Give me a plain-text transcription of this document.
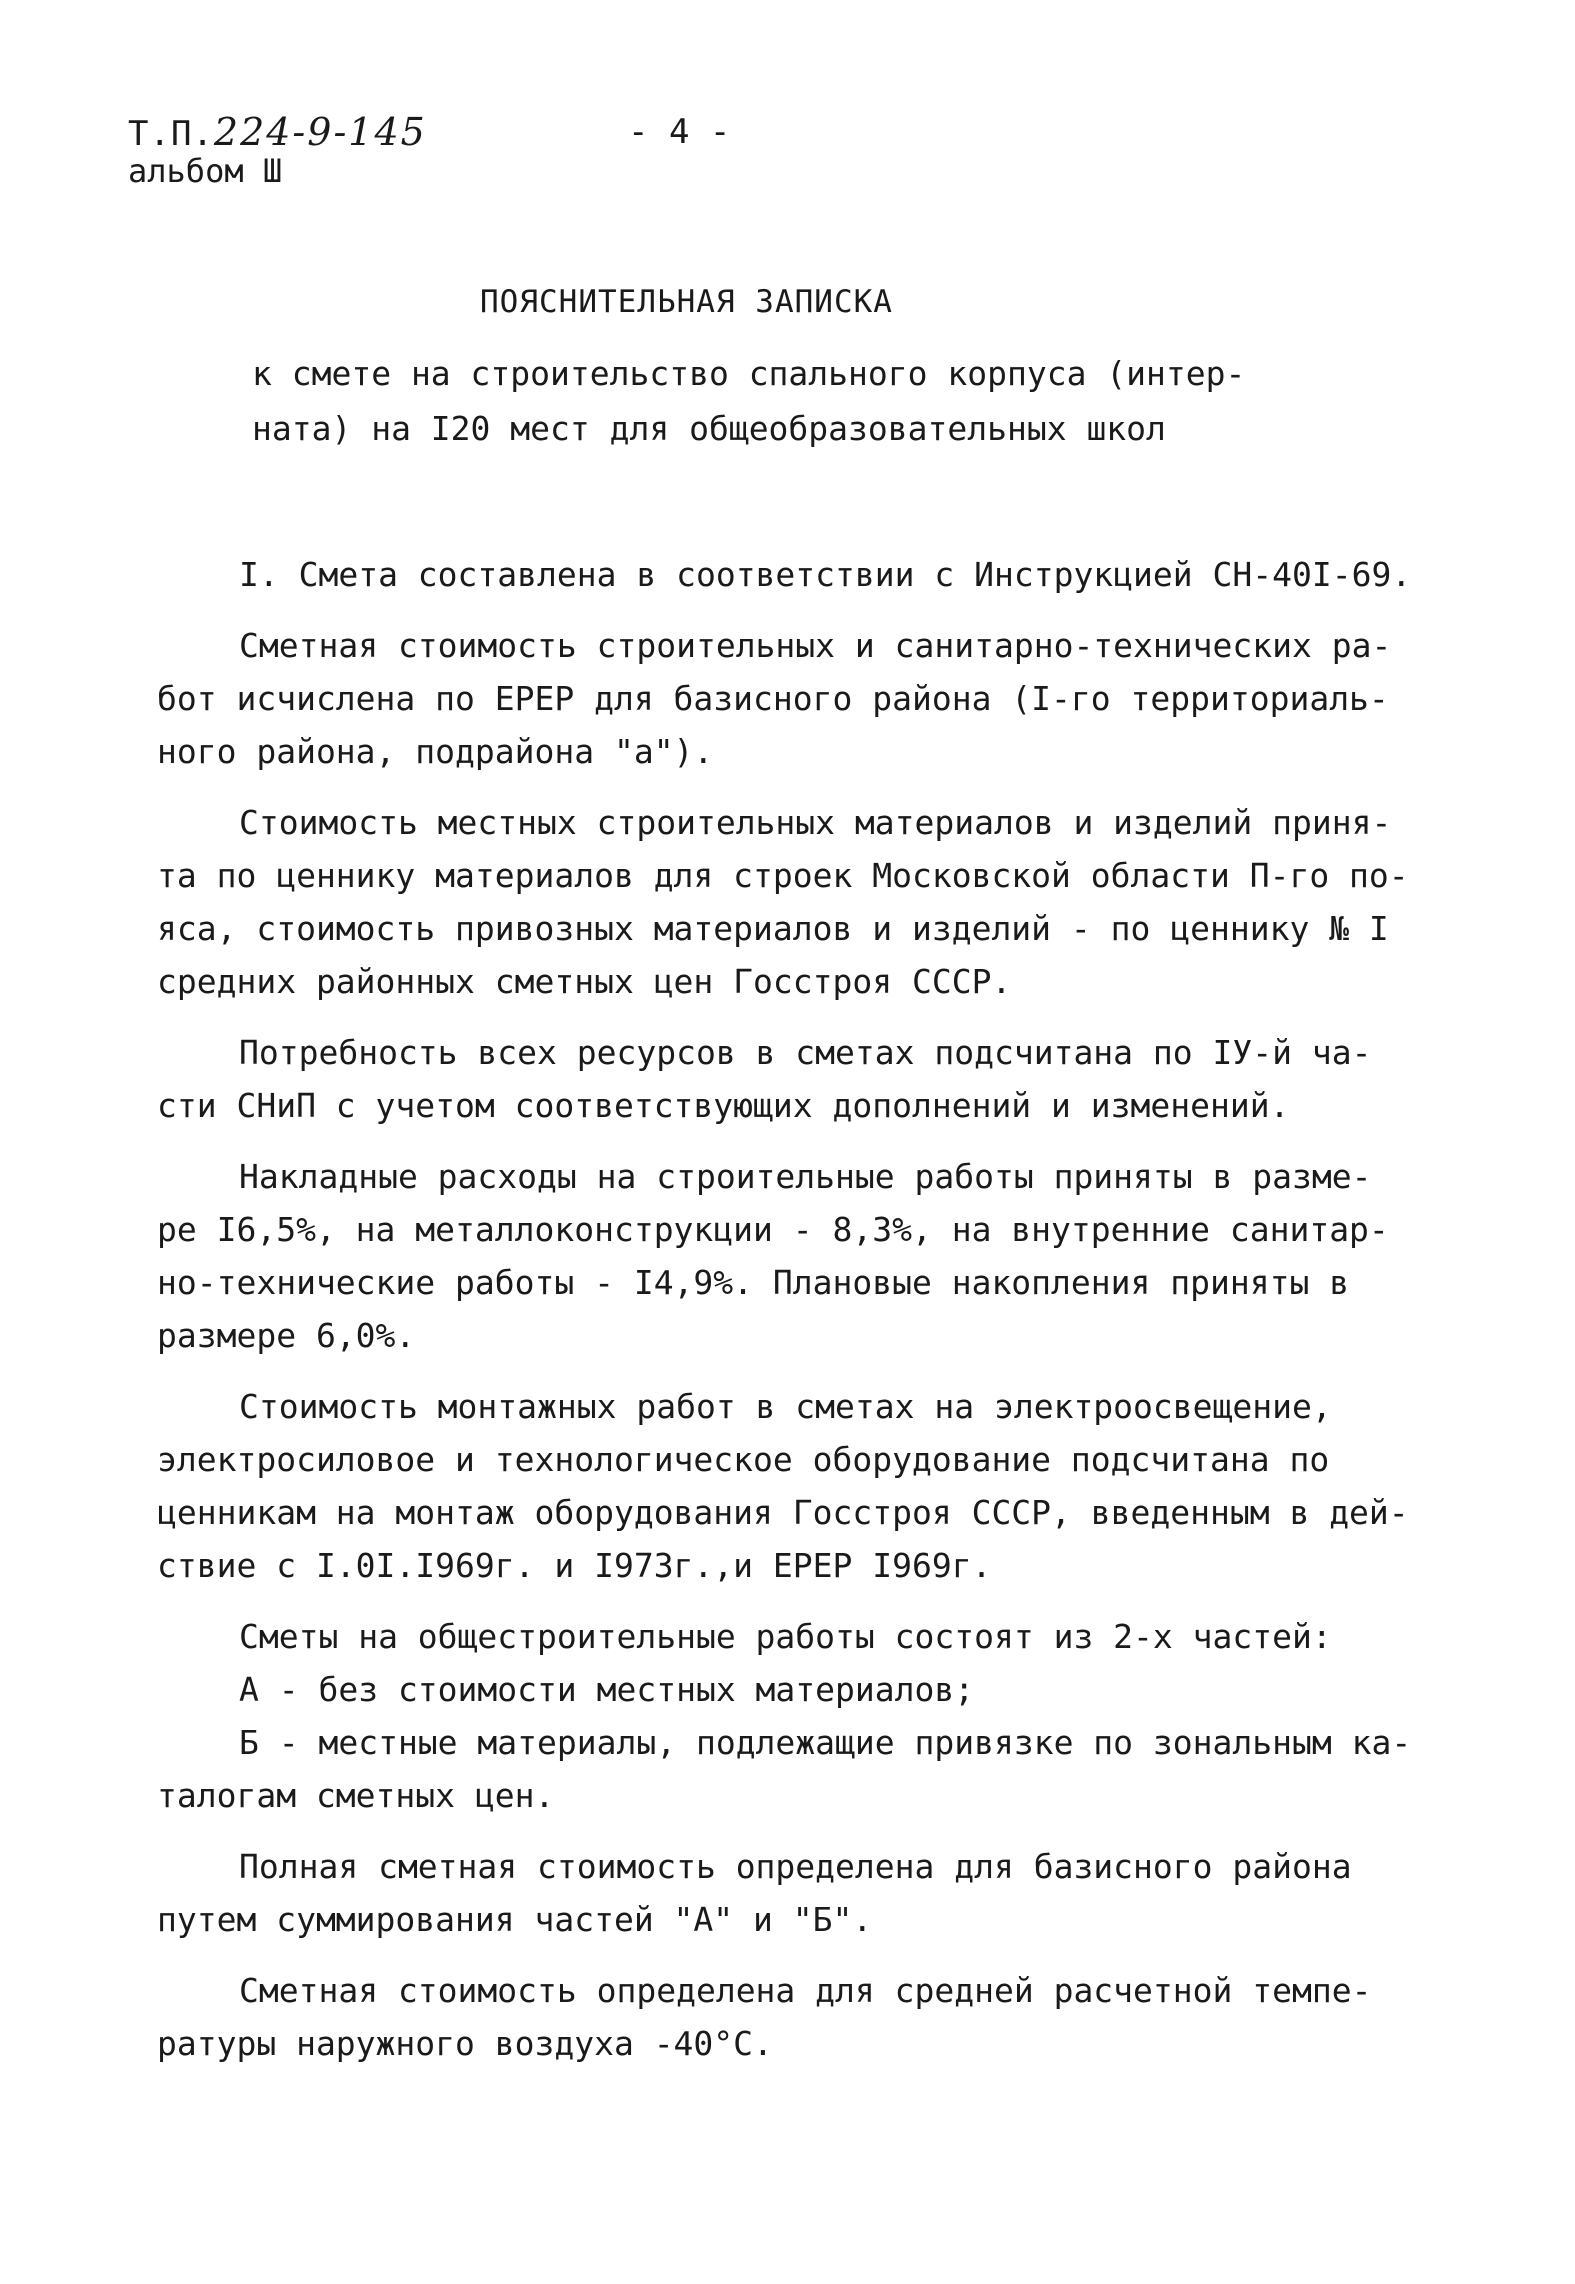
Т.П.224-9-145
альбом Ш
- 4 -
ПОЯСНИТЕЛЬНАЯ ЗАПИСКА
к смете на строительство спального корпуса (интер-
ната) на I20 мест для общеобразовательных школ
I. Смета составлена в соответствии с Инструкцией СН-40I-69.
Сметная стоимость строительных и санитарно-технических ра-
бот исчислена по ЕРЕР для базисного района (I-го территориаль-
ного района, подрайона "а").
Стоимость местных строительных материалов и изделий приня-
та по ценнику материалов для строек Московской области П-го по-
яса, стоимость привозных материалов и изделий - по ценнику № I
средних районных сметных цен Госстроя СССР.
Потребность всех ресурсов в сметах подсчитана по IУ-й ча-
сти СНиП с учетом соответствующих дополнений и изменений.
Накладные расходы на строительные работы приняты в разме-
ре I6,5%, на металлоконструкции - 8,3%, на внутренние санитар-
но-технические работы - I4,9%. Плановые накопления приняты в
размере 6,0%.
Стоимость монтажных работ в сметах на электроосвещение,
электросиловое и технологическое оборудование подсчитана по
ценникам на монтаж оборудования Госстроя СССР, введенным в дей-
ствие с I.0I.I969г. и I973г.,и ЕРЕР I969г.
Сметы на общестроительные работы состоят из 2-х частей:
А - без стоимости местных материалов;
Б - местные материалы, подлежащие привязке по зональным ка-
талогам сметных цен.
Полная сметная стоимость определена для базисного района
путем суммирования частей "А" и "Б".
Сметная стоимость определена для средней расчетной темпе-
ратуры наружного воздуха -40°С.
